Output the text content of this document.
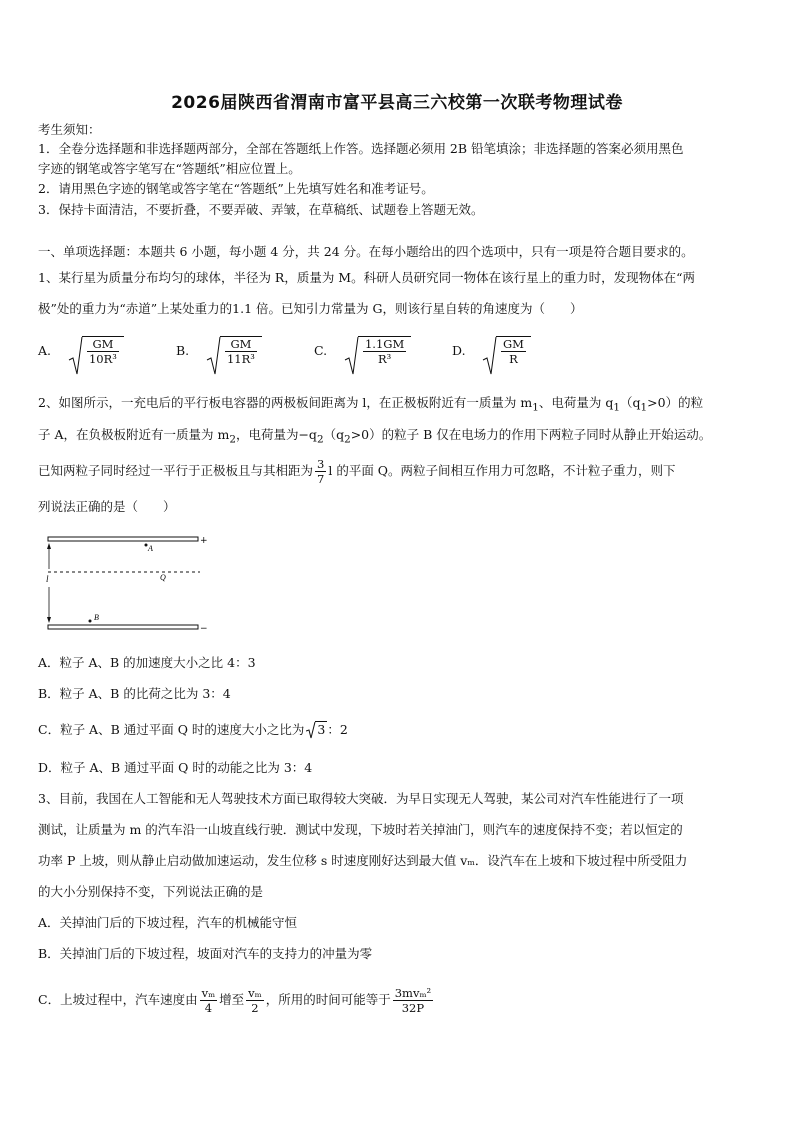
2026届陕西省渭南市富平县高三六校第一次联考物理试卷
考生须知：
1．全卷分选择题和非选择题两部分，全部在答题纸上作答。选择题必须用 2B 铅笔填涂；非选择题的答案必须用黑色
字迹的钢笔或答字笔写在“答题纸”相应位置上。
2．请用黑色字迹的钢笔或答字笔在“答题纸”上先填写姓名和准考证号。
3．保持卡面清洁，不要折叠，不要弄破、弄皱，在草稿纸、试题卷上答题无效。
一、单项选择题：本题共 6 小题，每小题 4 分，共 24 分。在每小题给出的四个选项中，只有一项是符合题目要求的。
1、某行星为质量分布均匀的球体，半径为 R，质量为 M。科研人员研究同一物体在该行星上的重力时，发现物体在“两
极”处的重力为“赤道”上某处重力的1.1 倍。已知引力常量为 G，则该行星自转的角速度为（　　）
A.	$\frac{GM}{\text{10R³}}$	B.	$\frac{GM}{\text{11R³}}$	C.	$\frac{1.1GM}{\text{R³}}$	D.	$\frac{GM}{R}$
2、如图所示，一充电后的平行板电容器的两极板间距离为 l，在正极板附近有一质量为 $m_1$、电荷量为 $q_1(q_1>0)$的粒
子 A，在负极板附近有一质量为 $m_2$，电荷量为$-q_2(q_2>0)$的粒子 B 仅在电场力的作用下两粒子同时从静止开始运动。
已知两粒子同时经过一平行于正极板且与其相距为 $\frac{3}{7}$ l 的平面 Q。两粒子间相互作用力可忽略，不计粒子重力，则下
列说法正确的是（　　）
l
A
Q
B
+
−
A．粒子 A、B 的加速度大小之比 4：3
B．粒子 A、B 的比荷之比为 3：4
C．粒子 A、B 通过平面 Q 时的速度大小之比为 3 ：2
D．粒子 A、B 通过平面 Q 时的动能之比为 3：4
3、目前，我国在人工智能和无人驾驶技术方面已取得较大突破．为早日实现无人驾驶，某公司对汽车性能进行了一项
测试，让质量为 m 的汽车沿一山坡直线行驶．测试中发现，下坡时若关掉油门，则汽车的速度保持不变；若以恒定的
功率 P 上坡，则从静止启动做加速运动，发生位移 s 时速度刚好达到最大值 vₘ．设汽车在上坡和下坡过程中所受阻力
的大小分别保持不变，下列说法正确的是
A．关掉油门后的下坡过程，汽车的机械能守恒
B．关掉油门后的下坡过程，坡面对汽车的支持力的冲量为零
C．上坡过程中，汽车速度由 $\frac{\text{vₘ}}{4}$ 增至 $\frac{\text{vₘ}}{2}$ ，所用的时间可能等于 $\frac{\text{3mvₘ²}}{32P}$
